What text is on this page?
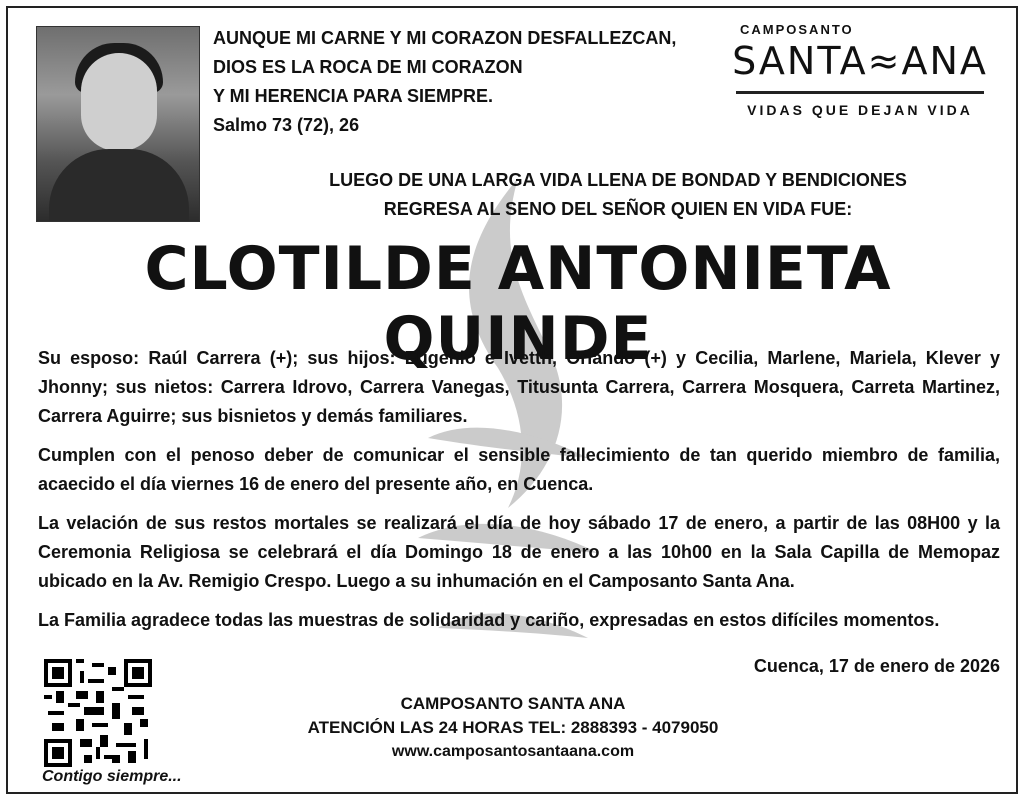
AUNQUE MI CARNE Y MI CORAZON DESFALLEZCAN,
DIOS ES LA ROCA DE MI CORAZON
Y MI HERENCIA PARA SIEMPRE.
Salmo 73 (72), 26
CAMPOSANTO
SANTA≈ANA
VIDAS QUE DEJAN VIDA
LUEGO DE UNA LARGA VIDA LLENA DE BONDAD Y BENDICIONES
REGRESA AL SENO DEL SEÑOR QUIEN EN VIDA FUE:
CLOTILDE ANTONIETA QUINDE

Su esposo: Raúl Carrera (+); sus hijos: Eugenio e Ivetth, Orlando (+) y Cecilia, Marlene, Mariela, Klever y Jhonny; sus nietos: Carrera Idrovo, Carrera Vanegas, Titusunta Carrera, Carrera Mosquera, Carreta Martinez, Carrera Aguirre; sus bisnietos y demás familiares.

Cumplen con el penoso deber de comunicar el sensible fallecimiento de tan querido miembro de familia, acaecido el día viernes 16 de enero del presente año, en Cuenca.

La velación de sus restos mortales se realizará el día de hoy sábado 17 de enero, a partir de las 08H00 y la Ceremonia Religiosa se celebrará el día Domingo 18 de enero a las 10h00 en la Sala Capilla de Memopaz ubicado en la Av. Remigio Crespo. Luego a su inhumación en el Camposanto Santa Ana.

La Familia agradece todas las muestras de solidaridad y cariño, expresadas en estos difíciles momentos.

Cuenca, 17 de enero de 2026
Contigo siempre...
CAMPOSANTO SANTA ANA
ATENCIÓN LAS 24 HORAS TEL: 2888393 - 4079050
www.camposantosantaana.com
